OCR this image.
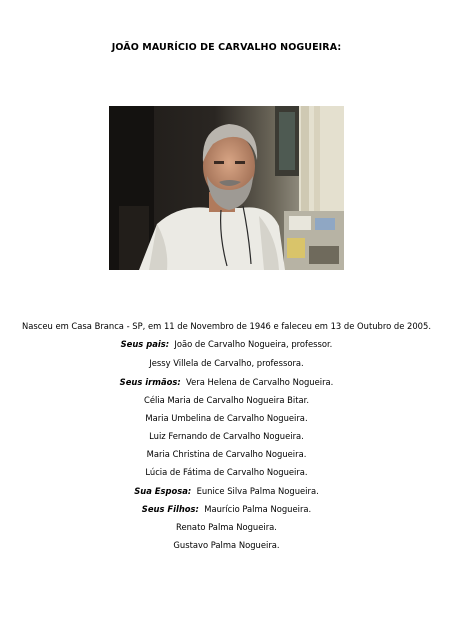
JOÃO MAURÍCIO DE CARVALHO NOGUEIRA:
Nasceu em Casa Branca - SP, em 11 de Novembro de 1946 e faleceu em 13 de Outubro de 2005.
Seus pais: João de Carvalho Nogueira, professor.
Jessy Villela de Carvalho, professora.
Seus irmãos: Vera Helena de Carvalho Nogueira.
Célia Maria de Carvalho Nogueira Bitar.
Maria Umbelina de Carvalho Nogueira.
Luiz Fernando de Carvalho Nogueira.
Maria Christina de Carvalho Nogueira.
Lúcia de Fátima de Carvalho Nogueira.
Sua Esposa: Eunice Silva Palma Nogueira.
Seus Filhos: Maurício Palma Nogueira.
Renato Palma Nogueira.
Gustavo Palma Nogueira.
